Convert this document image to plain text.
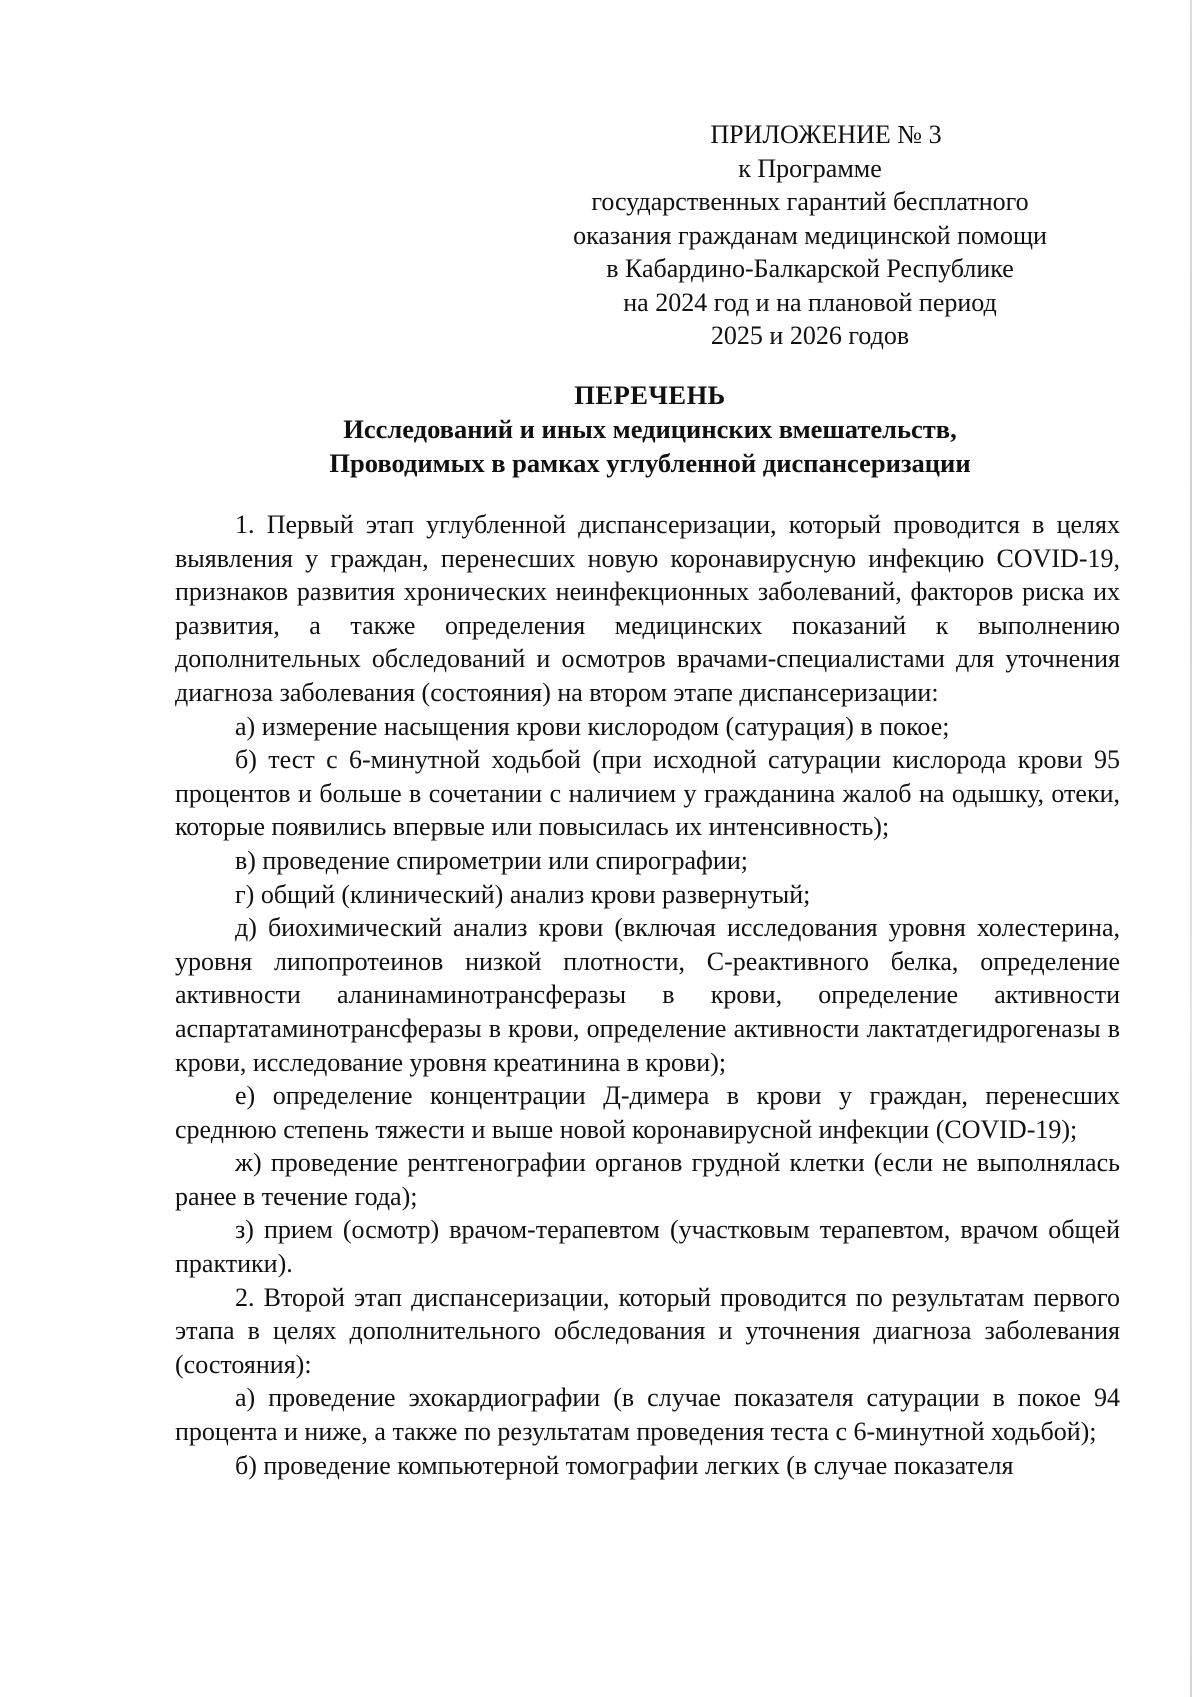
ПРИЛОЖЕНИЕ № 3
к Программе
государственных гарантий бесплатного
оказания гражданам медицинской помощи
в Кабардино-Балкарской Республике
на 2024 год и на плановой период
2025 и 2026 годов
ПЕРЕЧЕНЬ
Исследований и иных медицинских вмешательств,
Проводимых в рамках углубленной диспансеризации

1. Первый этап углубленной диспансеризации, который проводится в целях выявления у граждан, перенесших новую коронавирусную инфекцию COVID-19, признаков развития хронических неинфекционных заболеваний, факторов риска их развития, а также определения медицинских показаний к выполнению дополнительных обследований и осмотров врачами-специалистами для уточнения диагноза заболевания (состояния) на втором этапе диспансеризации:

а) измерение насыщения крови кислородом (сатурация) в покое;

б) тест с 6-минутной ходьбой (при исходной сатурации кислорода крови 95 процентов и больше в сочетании с наличием у гражданина жалоб на одышку, отеки, которые появились впервые или повысилась их интенсивность);

в) проведение спирометрии или спирографии;

г) общий (клинический) анализ крови развернутый;

д) биохимический анализ крови (включая исследования уровня холестерина, уровня липопротеинов низкой плотности, С-реактивного белка, определение активности аланинаминотрансферазы в крови, определение активности аспартатаминотрансферазы в крови, определение активности лактатдегидрогеназы в крови, исследование уровня креатинина в крови);

е) определение концентрации Д-димера в крови у граждан, перенесших среднюю степень тяжести и выше новой коронавирусной инфекции (COVID-19);

ж) проведение рентгенографии органов грудной клетки (если не выполнялась ранее в течение года);

з) прием (осмотр) врачом-терапевтом (участковым терапевтом, врачом общей практики).

2. Второй этап диспансеризации, который проводится по результатам первого этапа в целях дополнительного обследования и уточнения диагноза заболевания (состояния):

а) проведение эхокардиографии (в случае показателя сатурации в покое 94 процента и ниже, а также по результатам проведения теста с 6-минутной ходьбой);

б) проведение компьютерной томографии легких (в случае показателя
